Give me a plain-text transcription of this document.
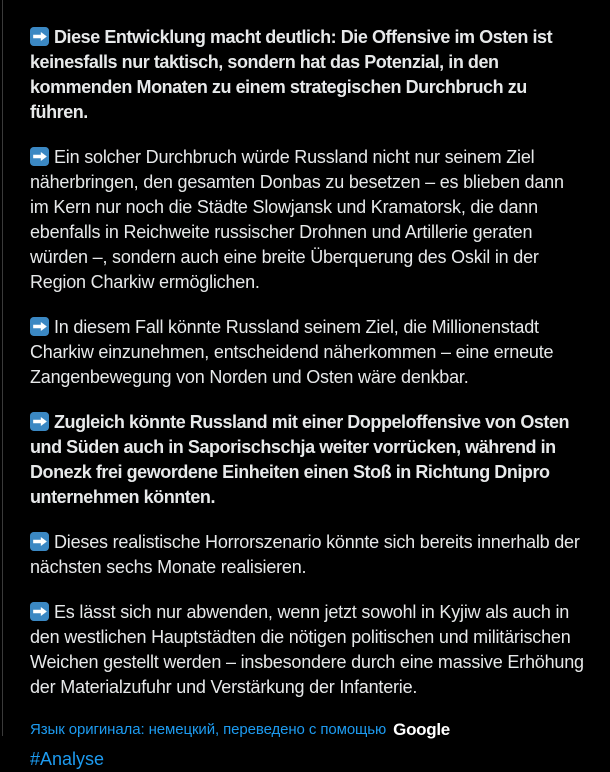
Diese Entwicklung macht deutlich: Die Offensive im Osten ist keinesfalls nur taktisch, sondern hat das Potenzial, in den kommenden Monaten zu einem strategischen Durchbruch zu führen.

Ein solcher Durchbruch würde Russland nicht nur seinem Ziel näherbringen, den gesamten Donbas zu besetzen – es blieben dann im Kern nur noch die Städte Slowjansk und Kramatorsk, die dann ebenfalls in Reichweite russischer Drohnen und Artillerie geraten würden –, sondern auch eine breite Überquerung des Oskil in der Region Charkiw ermöglichen.

In diesem Fall könnte Russland seinem Ziel, die Millionenstadt Charkiw einzunehmen, entscheidend näherkommen – eine erneute Zangenbewegung von Norden und Osten wäre denkbar.

Zugleich könnte Russland mit einer Doppeloffensive von Osten und Süden auch in Saporischschja weiter vorrücken, während in Donezk frei gewordene Einheiten einen Stoß in Richtung Dnipro unternehmen könnten.

Dieses realistische Horrorszenario könnte sich bereits innerhalb der nächsten sechs Monate realisieren.

Es lässt sich nur abwenden, wenn jetzt sowohl in Kyjiw als auch in den westlichen Hauptstädten die nötigen politischen und militärischen Weichen gestellt werden – insbesondere durch eine massive Erhöhung der Materialzufuhr und Verstärkung der Infanterie.

Язык оригинала: немецкий, переведено с помощью Google
#Analyse
